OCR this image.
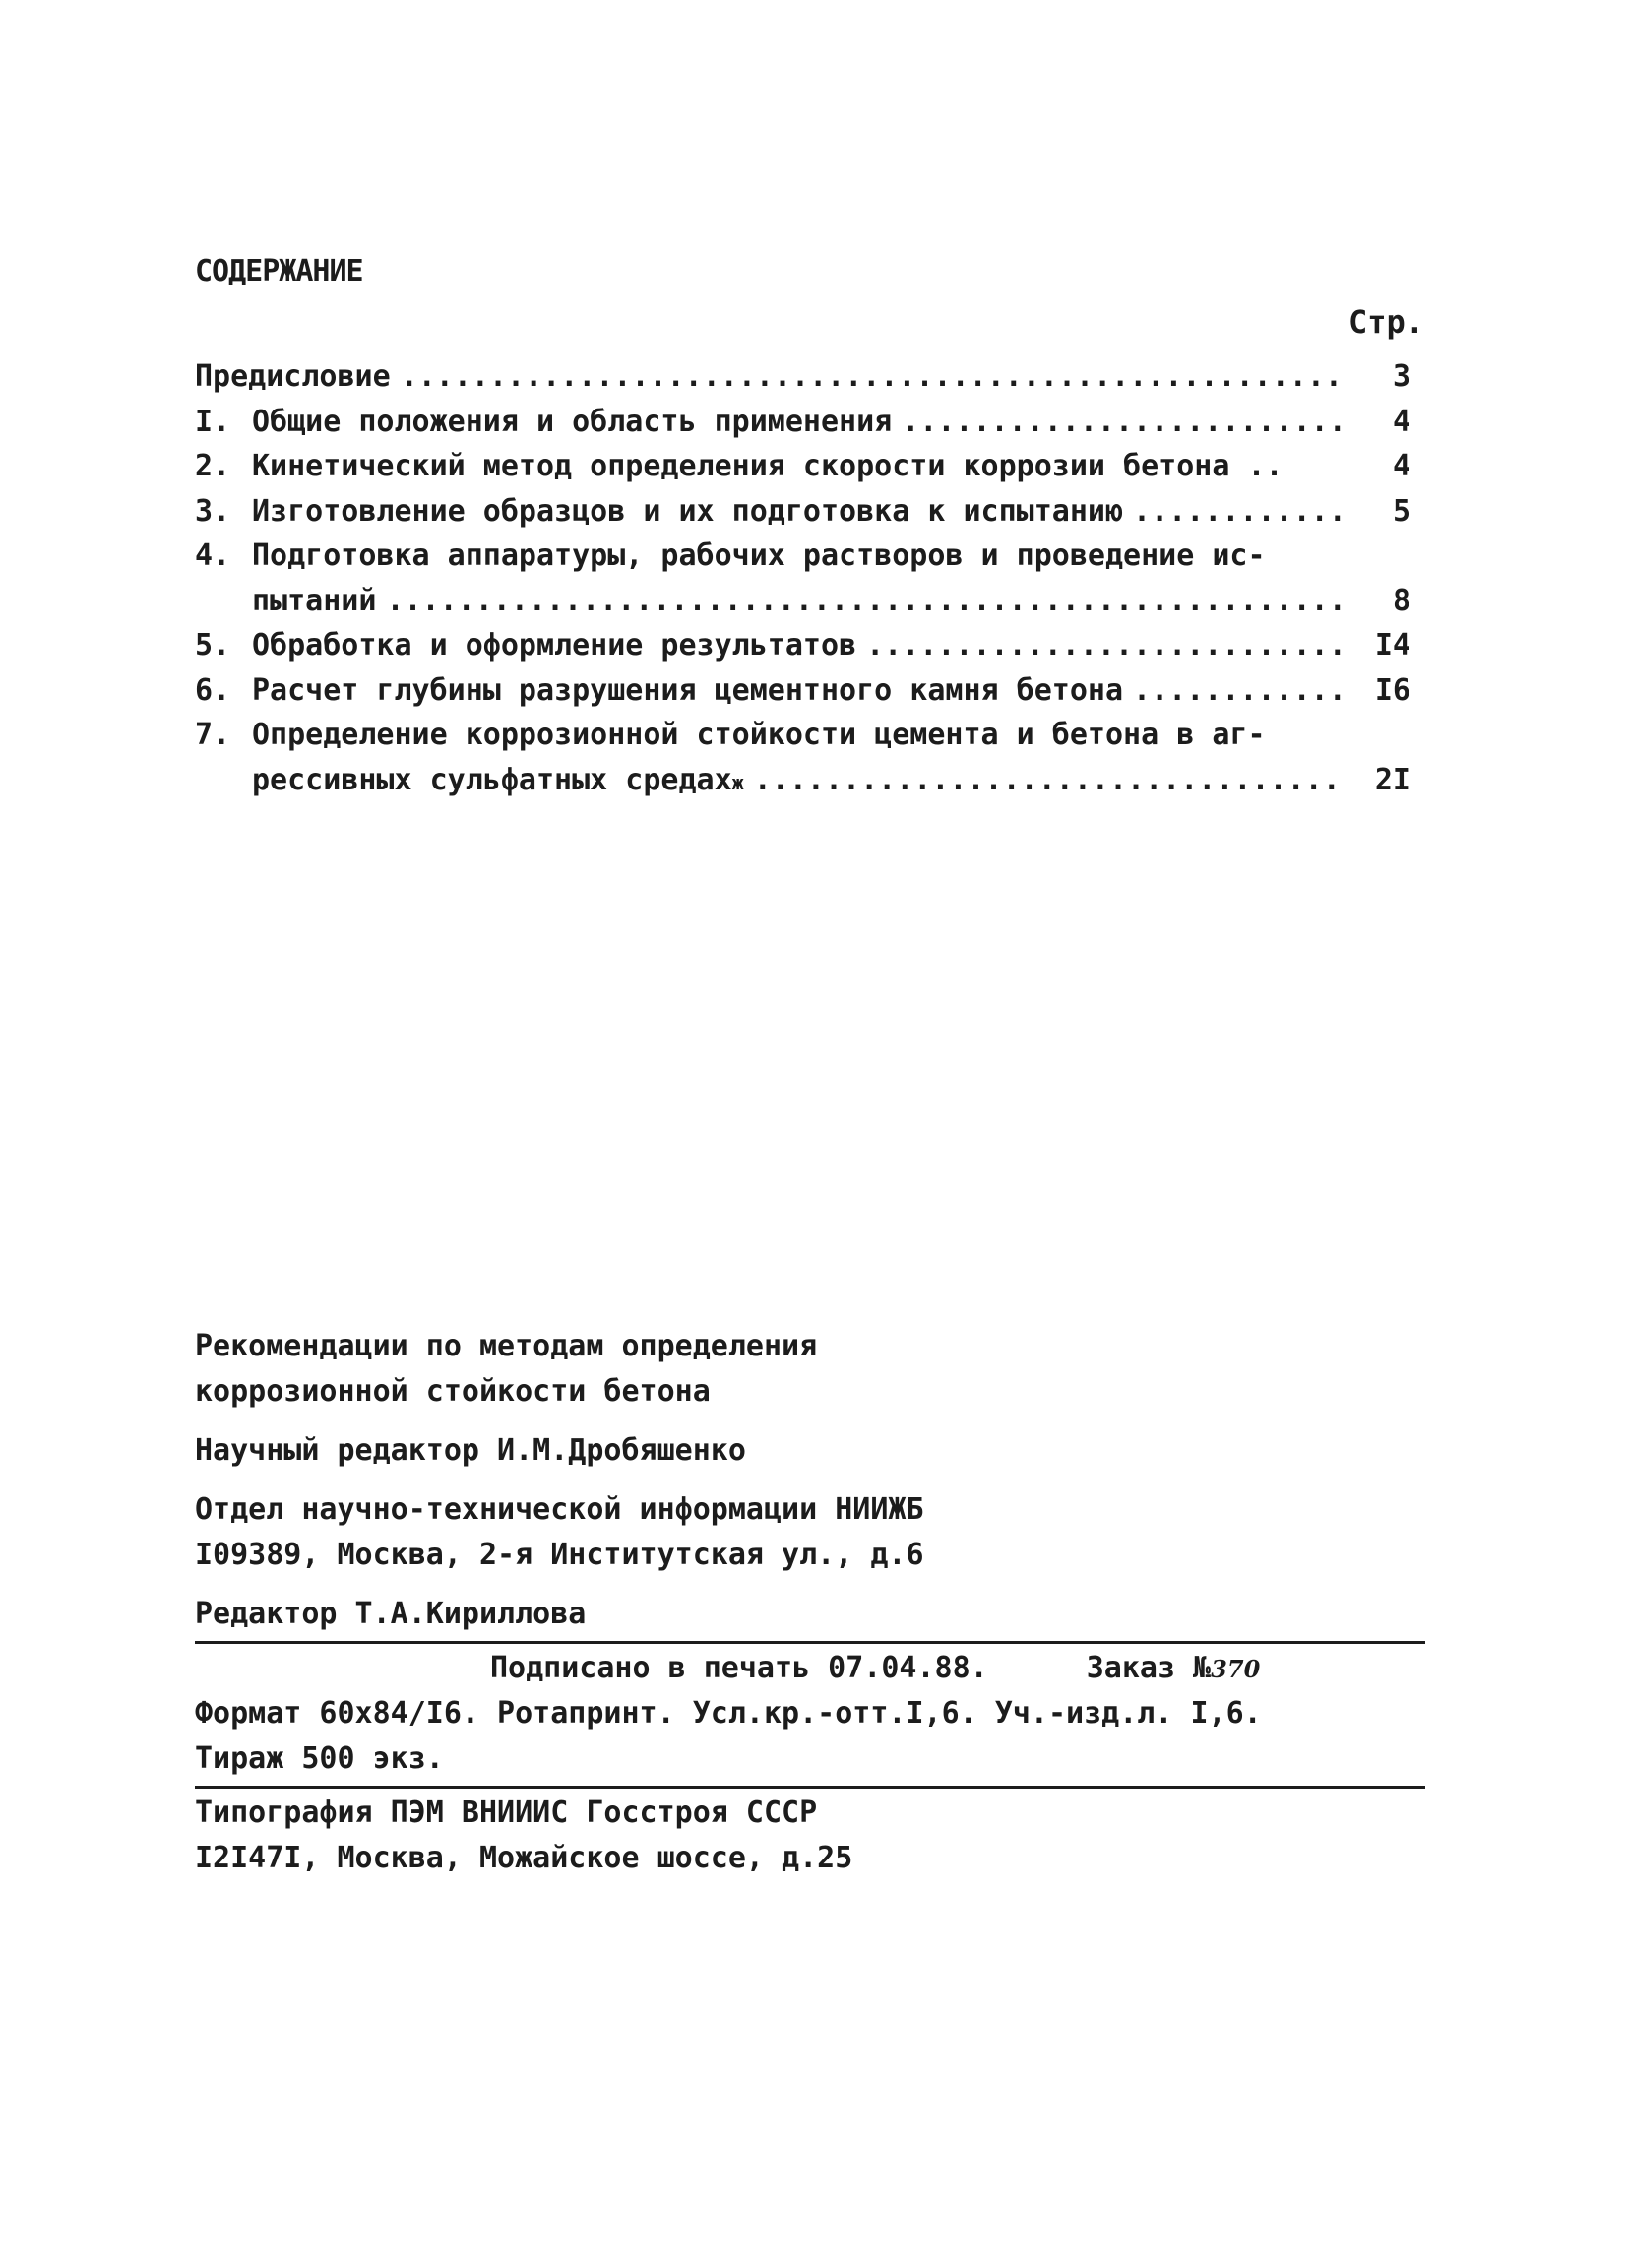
СОДЕРЖАНИЕ
Стр.
Предисловие .....	3
I. Общие положения и область применения .....	4
2. Кинетический метод определения скорости коррозии бетона ..	4
3. Изготовление образцов и их подготовка к испытанию .....	5
4. Подготовка аппаратуры, рабочих растворов и проведение ис-
пытаний .....	8
5. Обработка и оформление результатов .....	I4
6. Расчет глубины разрушения цементного камня бетона .....	I6
7. Определение коррозионной стойкости цемента и бетона в аг-
рессивных сульфатных средах ж .....	2I
Рекомендации по методам определения
коррозионной стойкости бетона
Научный редактор И.М.Дробяшенко
Отдел научно-технической информации НИИЖБ
I09389, Москва, 2-я Институтская ул., д.6
Редактор Т.А.Кириллова
Подписано в печать 07.04.88.	Заказ №370
Формат 60x84/I6. Ротапринт. Усл.кр.-отт.I,6. Уч.-изд.л. I,6.
Тираж 500 экз.
Типография ПЭМ ВНИИИС Госстроя СССР
I2I47I, Москва, Можайское шоссе, д.25
